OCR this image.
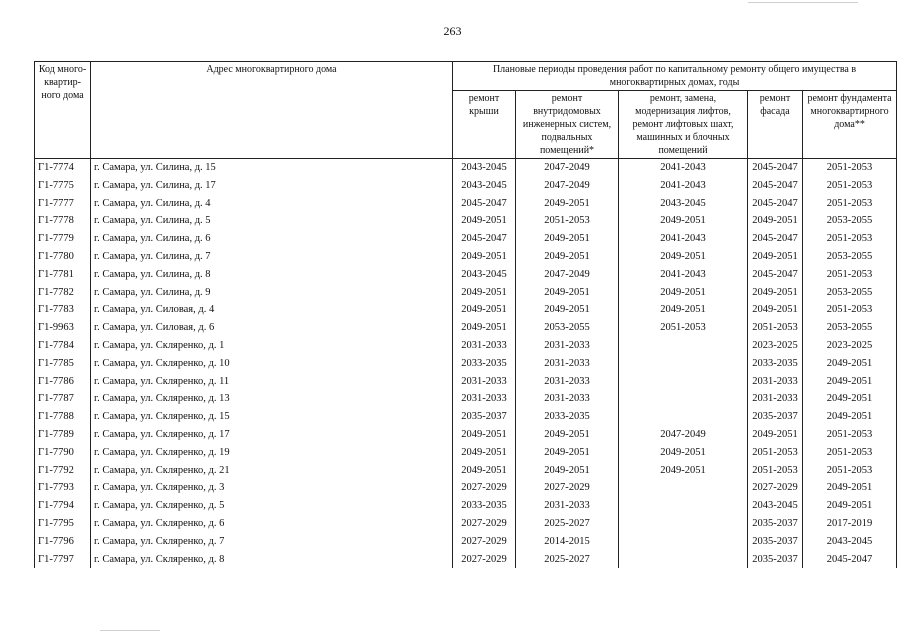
263
Код много-квартир-ного дома	Адрес многоквартирного дома	Плановые периоды проведения работ по капитальному ремонту общего имущества в многоквартирных домах, годы				
		ремонт крыши	ремонт внутридомовых инженерных систем, подвальных помещений*	ремонт, замена, модернизация лифтов, ремонт лифтовых шахт, машинных и блочных помещений	ремонт фасада	ремонт фундамента многоквартирного дома**
Г1-7774	г. Самара, ул. Силина, д. 15	2043-2045	2047-2049	2041-2043	2045-2047	2051-2053
Г1-7775	г. Самара, ул. Силина, д. 17	2043-2045	2047-2049	2041-2043	2045-2047	2051-2053
Г1-7777	г. Самара, ул. Силина, д. 4	2045-2047	2049-2051	2043-2045	2045-2047	2051-2053
Г1-7778	г. Самара, ул. Силина, д. 5	2049-2051	2051-2053	2049-2051	2049-2051	2053-2055
Г1-7779	г. Самара, ул. Силина, д. 6	2045-2047	2049-2051	2041-2043	2045-2047	2051-2053
Г1-7780	г. Самара, ул. Силина, д. 7	2049-2051	2049-2051	2049-2051	2049-2051	2053-2055
Г1-7781	г. Самара, ул. Силина, д. 8	2043-2045	2047-2049	2041-2043	2045-2047	2051-2053
Г1-7782	г. Самара, ул. Силина, д. 9	2049-2051	2049-2051	2049-2051	2049-2051	2053-2055
Г1-7783	г. Самара, ул. Силовая, д. 4	2049-2051	2049-2051	2049-2051	2049-2051	2051-2053
Г1-9963	г. Самара, ул. Силовая, д. 6	2049-2051	2053-2055	2051-2053	2051-2053	2053-2055
Г1-7784	г. Самара, ул. Скляренко, д. 1	2031-2033	2031-2033		2023-2025	2023-2025
Г1-7785	г. Самара, ул. Скляренко, д. 10	2033-2035	2031-2033		2033-2035	2049-2051
Г1-7786	г. Самара, ул. Скляренко, д. 11	2031-2033	2031-2033		2031-2033	2049-2051
Г1-7787	г. Самара, ул. Скляренко, д. 13	2031-2033	2031-2033		2031-2033	2049-2051
Г1-7788	г. Самара, ул. Скляренко, д. 15	2035-2037	2033-2035		2035-2037	2049-2051
Г1-7789	г. Самара, ул. Скляренко, д. 17	2049-2051	2049-2051	2047-2049	2049-2051	2051-2053
Г1-7790	г. Самара, ул. Скляренко, д. 19	2049-2051	2049-2051	2049-2051	2051-2053	2051-2053
Г1-7792	г. Самара, ул. Скляренко, д. 21	2049-2051	2049-2051	2049-2051	2051-2053	2051-2053
Г1-7793	г. Самара, ул. Скляренко, д. 3	2027-2029	2027-2029		2027-2029	2049-2051
Г1-7794	г. Самара, ул. Скляренко, д. 5	2033-2035	2031-2033		2043-2045	2049-2051
Г1-7795	г. Самара, ул. Скляренко, д. 6	2027-2029	2025-2027		2035-2037	2017-2019
Г1-7796	г. Самара, ул. Скляренко, д. 7	2027-2029	2014-2015		2035-2037	2043-2045
Г1-7797	г. Самара, ул. Скляренко, д. 8	2027-2029	2025-2027		2035-2037	2045-2047
